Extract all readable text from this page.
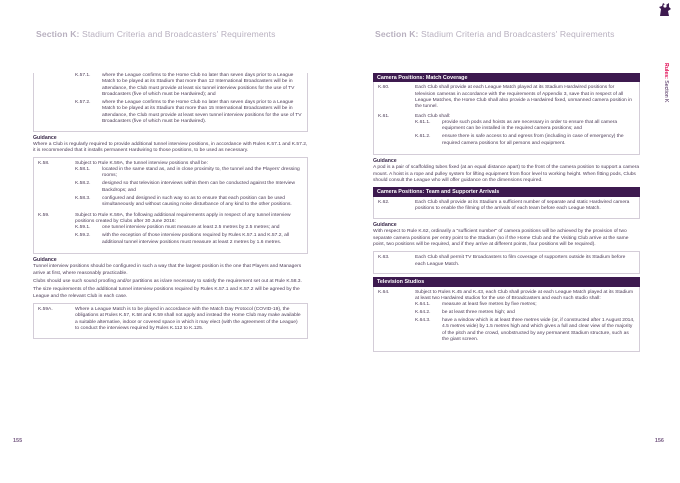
Section K: Stadium Criteria and Broadcasters' Requirements
K.57.1.	where the League confirms to the Home Club no later than seven days prior to a League Match to be played at its Stadium that more than 12 International Broadcasters will be in attendance, the Club must provide at least six tunnel interview positions for the use of TV Broadcasters (five of which must be Hardwired); and
K.57.2.	where the League confirms to the Home Club no later than seven days prior to a League Match to be played at its Stadium that more than 15 International Broadcasters will be in attendance, the Club must provide at least seven tunnel interview positions for the use of TV Broadcasters (five of which must be Hardwired).
Guidance
Where a Club is regularly required to provide additional tunnel interview positions, in accordance with Rules K.57.1 and K.57.2, it is recommended that it installs permanent Hardwiring to those positions, to be used as necessary.
K.58.	Subject to Rule K.59A, the tunnel interview positions shall be:
K.58.1.	located in the same stand as, and in close proximity to, the tunnel and the Players' dressing rooms;
K.58.2.	designed so that television interviews within them can be conducted against the Interview Backdrops; and
K.58.3.	configured and designed in such way so as to ensure that each position can be used simultaneously and without causing noise disturbance of any kind to the other positions.
K.59.	Subject to Rule K.59A, the following additional requirements apply in respect of any tunnel interview positions created by Clubs after 30 June 2016:
K.59.1.	one tunnel interview position must measure at least 2.5 metres by 2.5 metres; and
K.59.2.	with the exception of those interview positions required by Rules K.57.1 and K.57.2, all additional tunnel interview positions must measure at least 2 metres by 1.6 metres.
Guidance
Tunnel interview positions should be configured in such a way that the largest position is the one that Players and Managers arrive at first, where reasonably practicable.
Clubs should use such sound proofing and/or partitions as is/are necessary to satisfy the requirement set out at Rule K.58.3.
The size requirements of the additional tunnel interview positions required by Rules K.57.1 and K.57.2 will be agreed by the League and the relevant Club in each case.
K.59A.	Where a League Match is to be played in accordance with the Match Day Protocol (COVID-19), the obligations at Rules K.57, K.58 and K.59 shall not apply and instead the Home Club may make available a suitable alternative, indoor or covered space in which it may elect (with the agreement of the League) to conduct the interviews required by Rules K.112 to K.125.
155
Section K: Stadium Criteria and Broadcasters' Requirements
Rules: Section K
Camera Positions: Match Coverage
K.60.	Each Club shall provide at each League Match played at its Stadium Hardwired positions for television cameras in accordance with the requirements of Appendix 3, save that in respect of all League Matches, the Home Club shall also provide a Hardwired fixed, unmanned camera position in the tunnel.
K.61.	Each Club shall:
K.61.1.	provide such pods and hoists as are necessary in order to ensure that all camera equipment can be installed in the required camera positions; and
K.61.2.	ensure there is safe access to and egress from (including in case of emergency) the required camera positions for all persons and equipment.
Guidance
A pod is a pair of scaffolding tubes fixed (at an equal distance apart) to the front of the camera position to support a camera mount. A hoist is a rope and pulley system for lifting equipment from floor level to working height. When fitting pods, Clubs should consult the League who will offer guidance on the dimensions required.
Camera Positions: Team and Supporter Arrivals
K.62.	Each Club shall provide at its Stadium a sufficient number of separate and static Hardwired camera positions to enable the filming of the arrivals of each team before each League Match.
Guidance
With respect to Rule K.62, ordinarily a "sufficient number" of camera positions will be achieved by the provision of two separate camera positions per entry point to the Stadium (so if the Home Club and the Visiting Club arrive at the same point, two positions will be required, and if they arrive at different points, four positions will be required).
K.63.	Each Club shall permit TV Broadcasters to film coverage of supporters outside its Stadium before each League Match.
Television Studios
K.64.	Subject to Rules K.45 and K.43, each Club shall provide at each League Match played at its Stadium at least two Hardwired studios for the use of Broadcasters and each such studio shall:
K.64.1.	measure at least five metres by five metres;
K.64.2.	be at least three metres high; and
K.64.3.	have a window which is at least three metres wide (or, if constructed after 1 August 2014, 4.5 metres wide) by 1.5 metres high and which gives a full and clear view of the majority of the pitch and the crowd, unobstructed by any permanent Stadium structure, such as the giant screen.
156
